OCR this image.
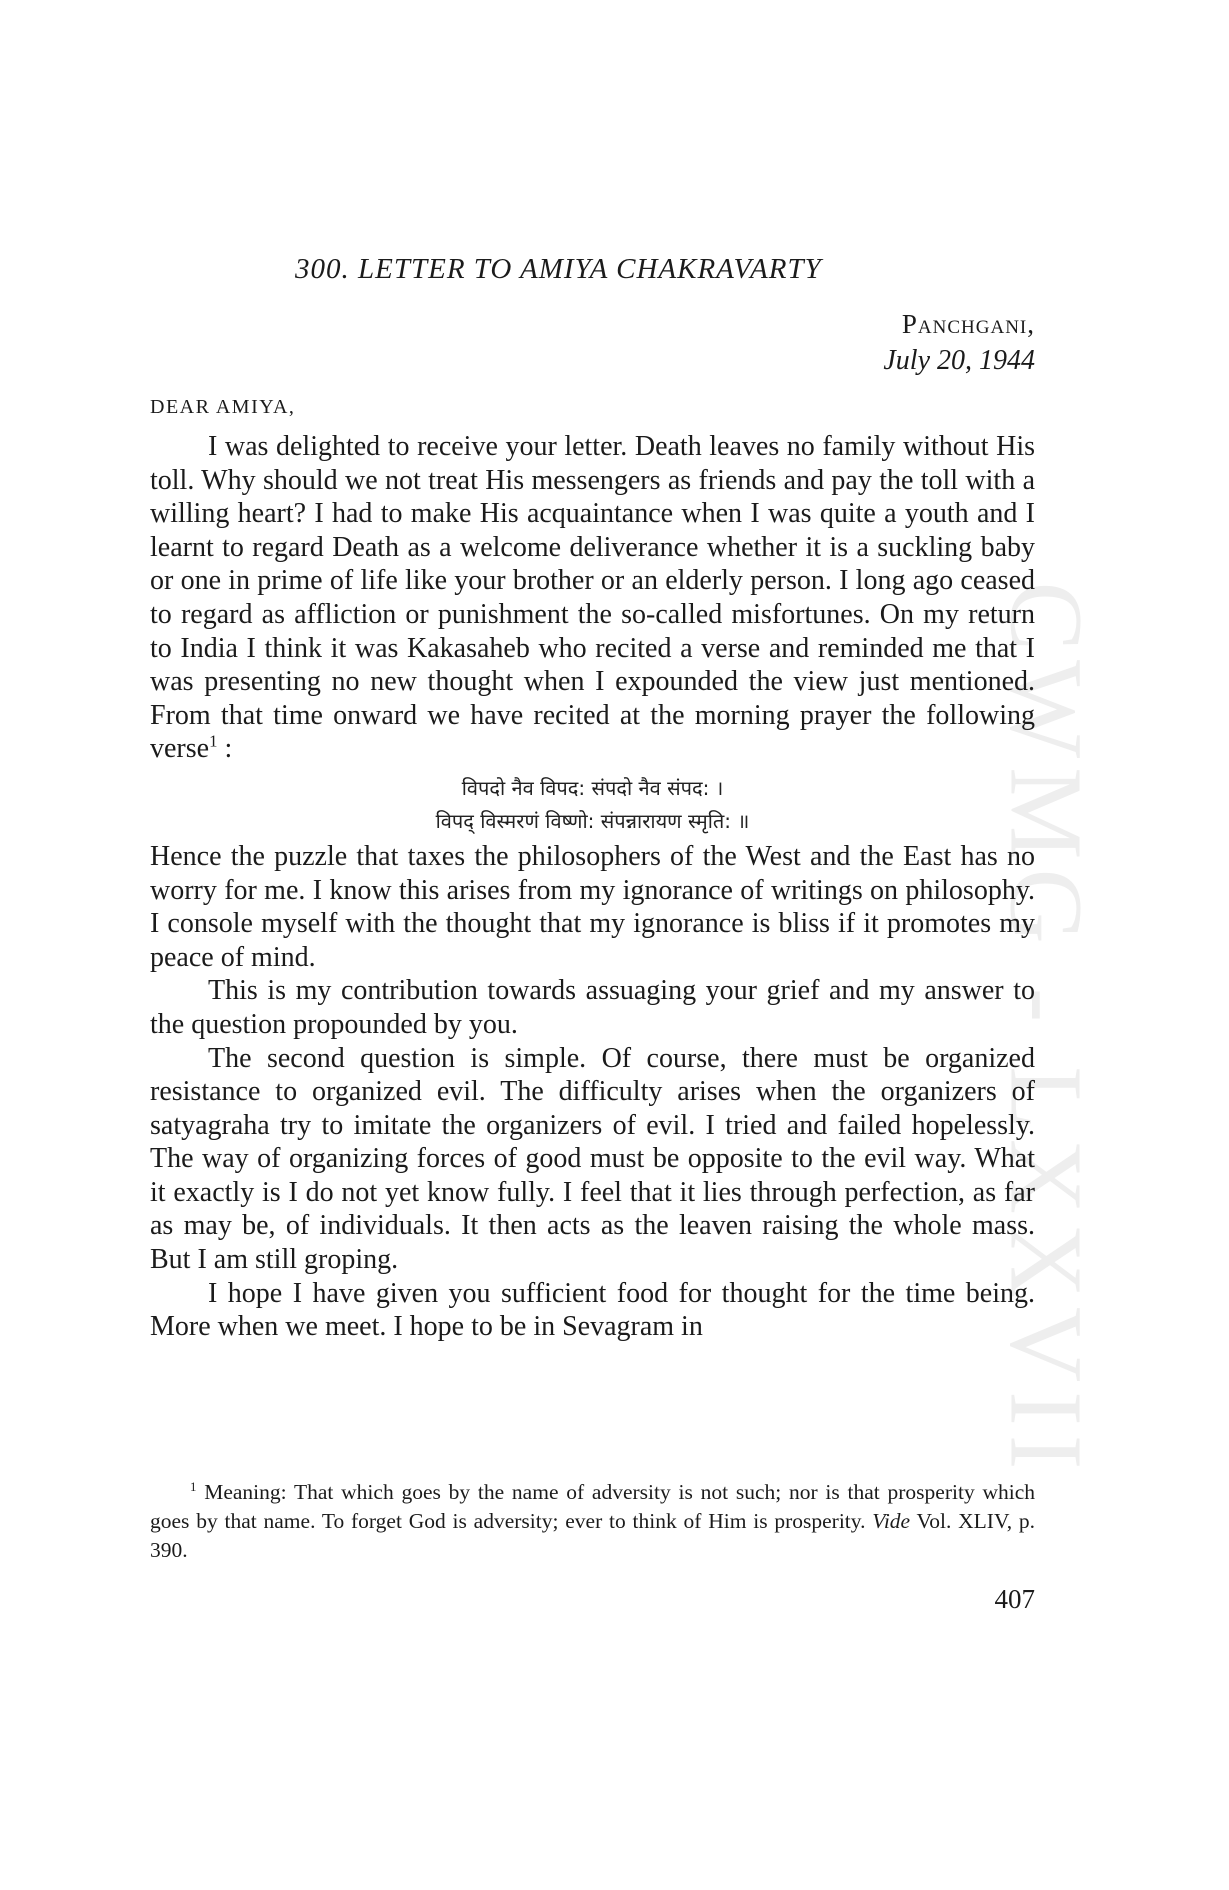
CWMG - LXXVII
300. LETTER TO AMIYA CHAKRAVARTY
Panchgani,
July 20, 1944
DEAR AMIYA,

I was delighted to receive your letter. Death leaves no family without His toll. Why should we not treat His messengers as friends and pay the toll with a willing heart? I had to make His acquaintance when I was quite a youth and I learnt to regard Death as a welcome deliverance whether it is a suckling baby or one in prime of life like your brother or an elderly person. I long ago ceased to regard as affliction or punishment the so-called misfortunes. On my return to India I think it was Kakasaheb who recited a verse and reminded me that I was presenting no new thought when I expounded the view just mentioned. From that time onward we have recited at the morning prayer the following verse$^1$ :

विपदो नैव विपद: संपदो नैव संपद: ।
विपद् विस्मरणं विष्णो: संपन्नारायण स्मृति: ॥

Hence the puzzle that taxes the philosophers of the West and the East has no worry for me. I know this arises from my ignorance of writings on philosophy. I console myself with the thought that my ignorance is bliss if it promotes my peace of mind.

This is my contribution towards assuaging your grief and my answer to the question propounded by you.

The second question is simple. Of course, there must be organized resistance to organized evil. The difficulty arises when the organizers of satyagraha try to imitate the organizers of evil. I tried and failed hopelessly. The way of organizing forces of good must be opposite to the evil way. What it exactly is I do not yet know fully. I feel that it lies through perfection, as far as may be, of individuals. It then acts as the leaven raising the whole mass. But I am still groping.

I hope I have given you sufficient food for thought for the time being. More when we meet. I hope to be in Sevagram in

$^1$ Meaning: That which goes by the name of adversity is not such; nor is that prosperity which goes by that name. To forget God is adversity; ever to think of Him is prosperity. Vide Vol. XLIV, p. 390.
407
